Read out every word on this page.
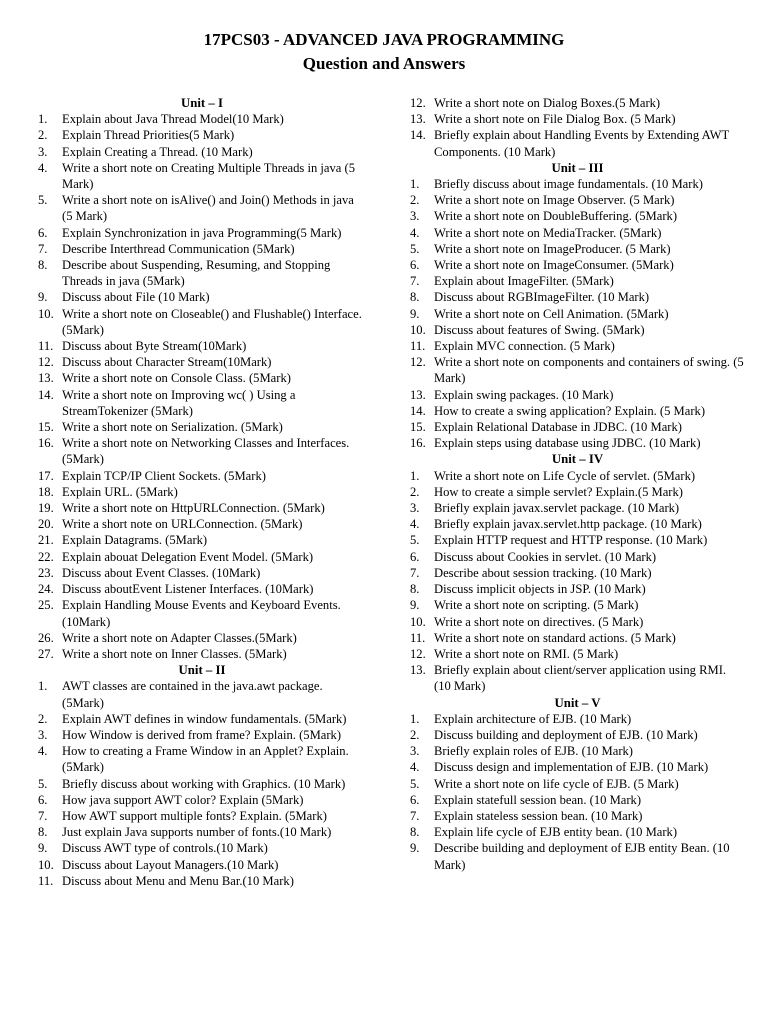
17PCS03 - ADVANCED JAVA PROGRAMMING
Question and Answers
Unit – I
1. Explain about Java Thread Model(10 Mark)
2. Explain Thread Priorities(5 Mark)
3. Explain Creating a Thread. (10 Mark)
4. Write a short note on Creating Multiple Threads in java (5 Mark)
5. Write a short note on isAlive() and Join() Methods in java (5 Mark)
6. Explain Synchronization in java Programming(5 Mark)
7. Describe Interthread Communication (5Mark)
8. Describe about Suspending, Resuming, and Stopping Threads in java (5Mark)
9. Discuss about File (10 Mark)
10. Write a short note on Closeable() and Flushable() Interface. (5Mark)
11. Discuss about Byte Stream(10Mark)
12. Discuss about Character Stream(10Mark)
13. Write a short note on Console Class. (5Mark)
14. Write a short note on Improving wc( ) Using a StreamTokenizer (5Mark)
15. Write a short note on Serialization. (5Mark)
16. Write a short note on Networking Classes and Interfaces. (5Mark)
17. Explain TCP/IP Client Sockets. (5Mark)
18. Explain URL. (5Mark)
19. Write a short note on HttpURLConnection. (5Mark)
20. Write a short note on URLConnection. (5Mark)
21. Explain Datagrams. (5Mark)
22. Explain abouat Delegation Event Model. (5Mark)
23. Discuss about Event Classes. (10Mark)
24. Discuss aboutEvent Listener Interfaces. (10Mark)
25. Explain Handling Mouse Events and Keyboard Events. (10Mark)
26. Write a short note on Adapter Classes.(5Mark)
27. Write a short note on Inner Classes. (5Mark)
Unit – II
1. AWT classes are contained in the java.awt package. (5Mark)
2. Explain AWT defines in window fundamentals. (5Mark)
3. How Window is derived from frame? Explain. (5Mark)
4. How to creating a Frame Window in an Applet? Explain. (5Mark)
5. Briefly discuss about working with Graphics. (10 Mark)
6. How java support AWT color? Explain (5Mark)
7. How AWT support multiple fonts? Explain. (5Mark)
8. Just explain Java supports number of fonts.(10 Mark)
9. Discuss AWT type of controls.(10 Mark)
10. Discuss about Layout Managers.(10 Mark)
11. Discuss about Menu and Menu Bar.(10 Mark)
12. Write a short note on Dialog Boxes.(5 Mark)
13. Write a short note on File Dialog Box. (5 Mark)
14. Briefly explain about Handling Events by Extending AWT Components. (10 Mark)
Unit – III
1. Briefly discuss about image fundamentals. (10 Mark)
2. Write a short note on Image Observer. (5 Mark)
3. Write a short note on DoubleBuffering. (5Mark)
4. Write a short note on MediaTracker. (5Mark)
5. Write a short note on ImageProducer. (5 Mark)
6. Write a short note on ImageConsumer. (5Mark)
7. Explain about ImageFilter. (5Mark)
8. Discuss about RGBImageFilter. (10 Mark)
9. Write a short note on Cell Animation. (5Mark)
10. Discuss about features of Swing. (5Mark)
11. Explain MVC connection. (5 Mark)
12. Write a short note on components and containers of swing. (5 Mark)
13. Explain swing packages. (10 Mark)
14. How to create a swing application? Explain. (5 Mark)
15. Explain Relational Database in JDBC. (10 Mark)
16. Explain steps using database using JDBC. (10 Mark)
Unit – IV
1. Write a short note on Life Cycle of servlet. (5Mark)
2. How to create a simple servlet? Explain.(5 Mark)
3. Briefly explain javax.servlet package. (10 Mark)
4. Briefly explain javax.servlet.http package. (10 Mark)
5. Explain HTTP request and HTTP response. (10 Mark)
6. Discuss about Cookies in servlet. (10 Mark)
7. Describe about session tracking. (10 Mark)
8. Discuss implicit objects in JSP. (10 Mark)
9. Write a short note on scripting. (5 Mark)
10. Write a short note on directives. (5 Mark)
11. Write a short note on standard actions. (5 Mark)
12. Write a short note on RMI. (5 Mark)
13. Briefly explain about client/server application using RMI. (10 Mark)
Unit – V
1. Explain architecture of EJB. (10 Mark)
2. Discuss building and deployment of EJB. (10 Mark)
3. Briefly explain roles of EJB. (10 Mark)
4. Discuss design and implementation of EJB. (10 Mark)
5. Write a short note on life cycle of EJB. (5 Mark)
6. Explain statefull session bean. (10 Mark)
7. Explain stateless session bean. (10 Mark)
8. Explain life cycle of EJB entity bean. (10 Mark)
9. Describe building and deployment of EJB entity Bean. (10 Mark)
